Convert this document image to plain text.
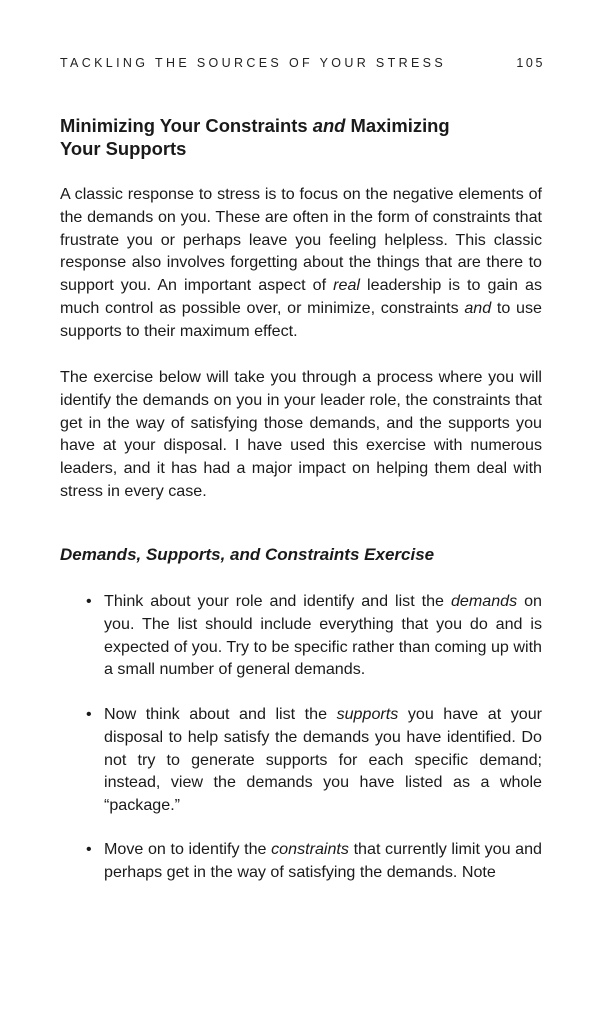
TACKLING THE SOURCES OF YOUR STRESS	105
Minimizing Your Constraints and Maximizing Your Supports

A classic response to stress is to focus on the negative elements of the demands on you. These are often in the form of constraints that frustrate you or perhaps leave you feeling helpless. This classic response also involves forgetting about the things that are there to support you. An important aspect of real leadership is to gain as much control as possible over, or minimize, constraints and to use supports to their maximum effect.

The exercise below will take you through a process where you will identify the demands on you in your leader role, the constraints that get in the way of satisfying those demands, and the supports you have at your disposal. I have used this exercise with numerous leaders, and it has had a major impact on helping them deal with stress in every case.

Demands, Supports, and Constraints Exercise

• Think about your role and identify and list the demands on you. The list should include everything that you do and is expected of you. Try to be specific rather than coming up with a small number of general demands.

• Now think about and list the supports you have at your disposal to help satisfy the demands you have identified. Do not try to generate supports for each specific demand; instead, view the demands you have listed as a whole “package.”

• Move on to identify the constraints that currently limit you and perhaps get in the way of satisfying the demands. Note
